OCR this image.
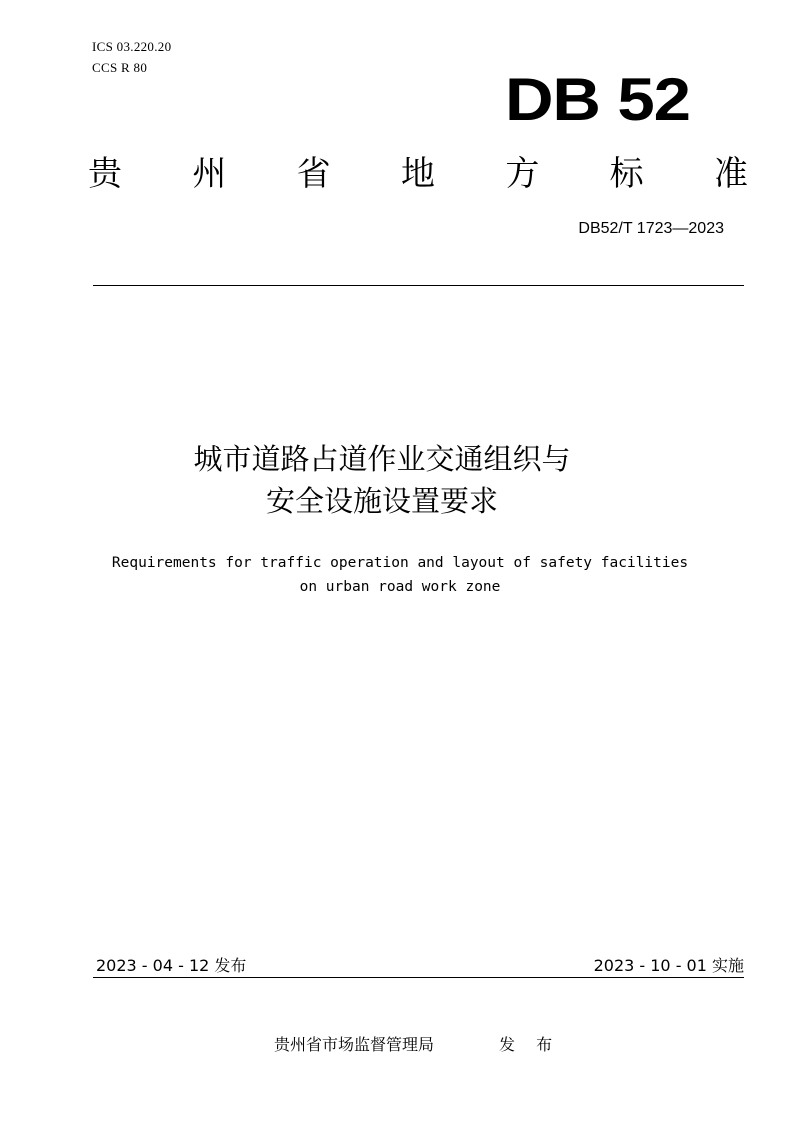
ICS 03.220.20
CCS R 80	DB 52
贵 州 省 地 方 标 准
DB52/T 1723—2023
城市道路占道作业交通组织与
安全设施设置要求
Requirements for traffic operation and layout of safety facilities
on urban road work zone
2023 - 04 - 12 发布	2023 - 10 - 01 实施
贵州省市场监督管理局	发 布
